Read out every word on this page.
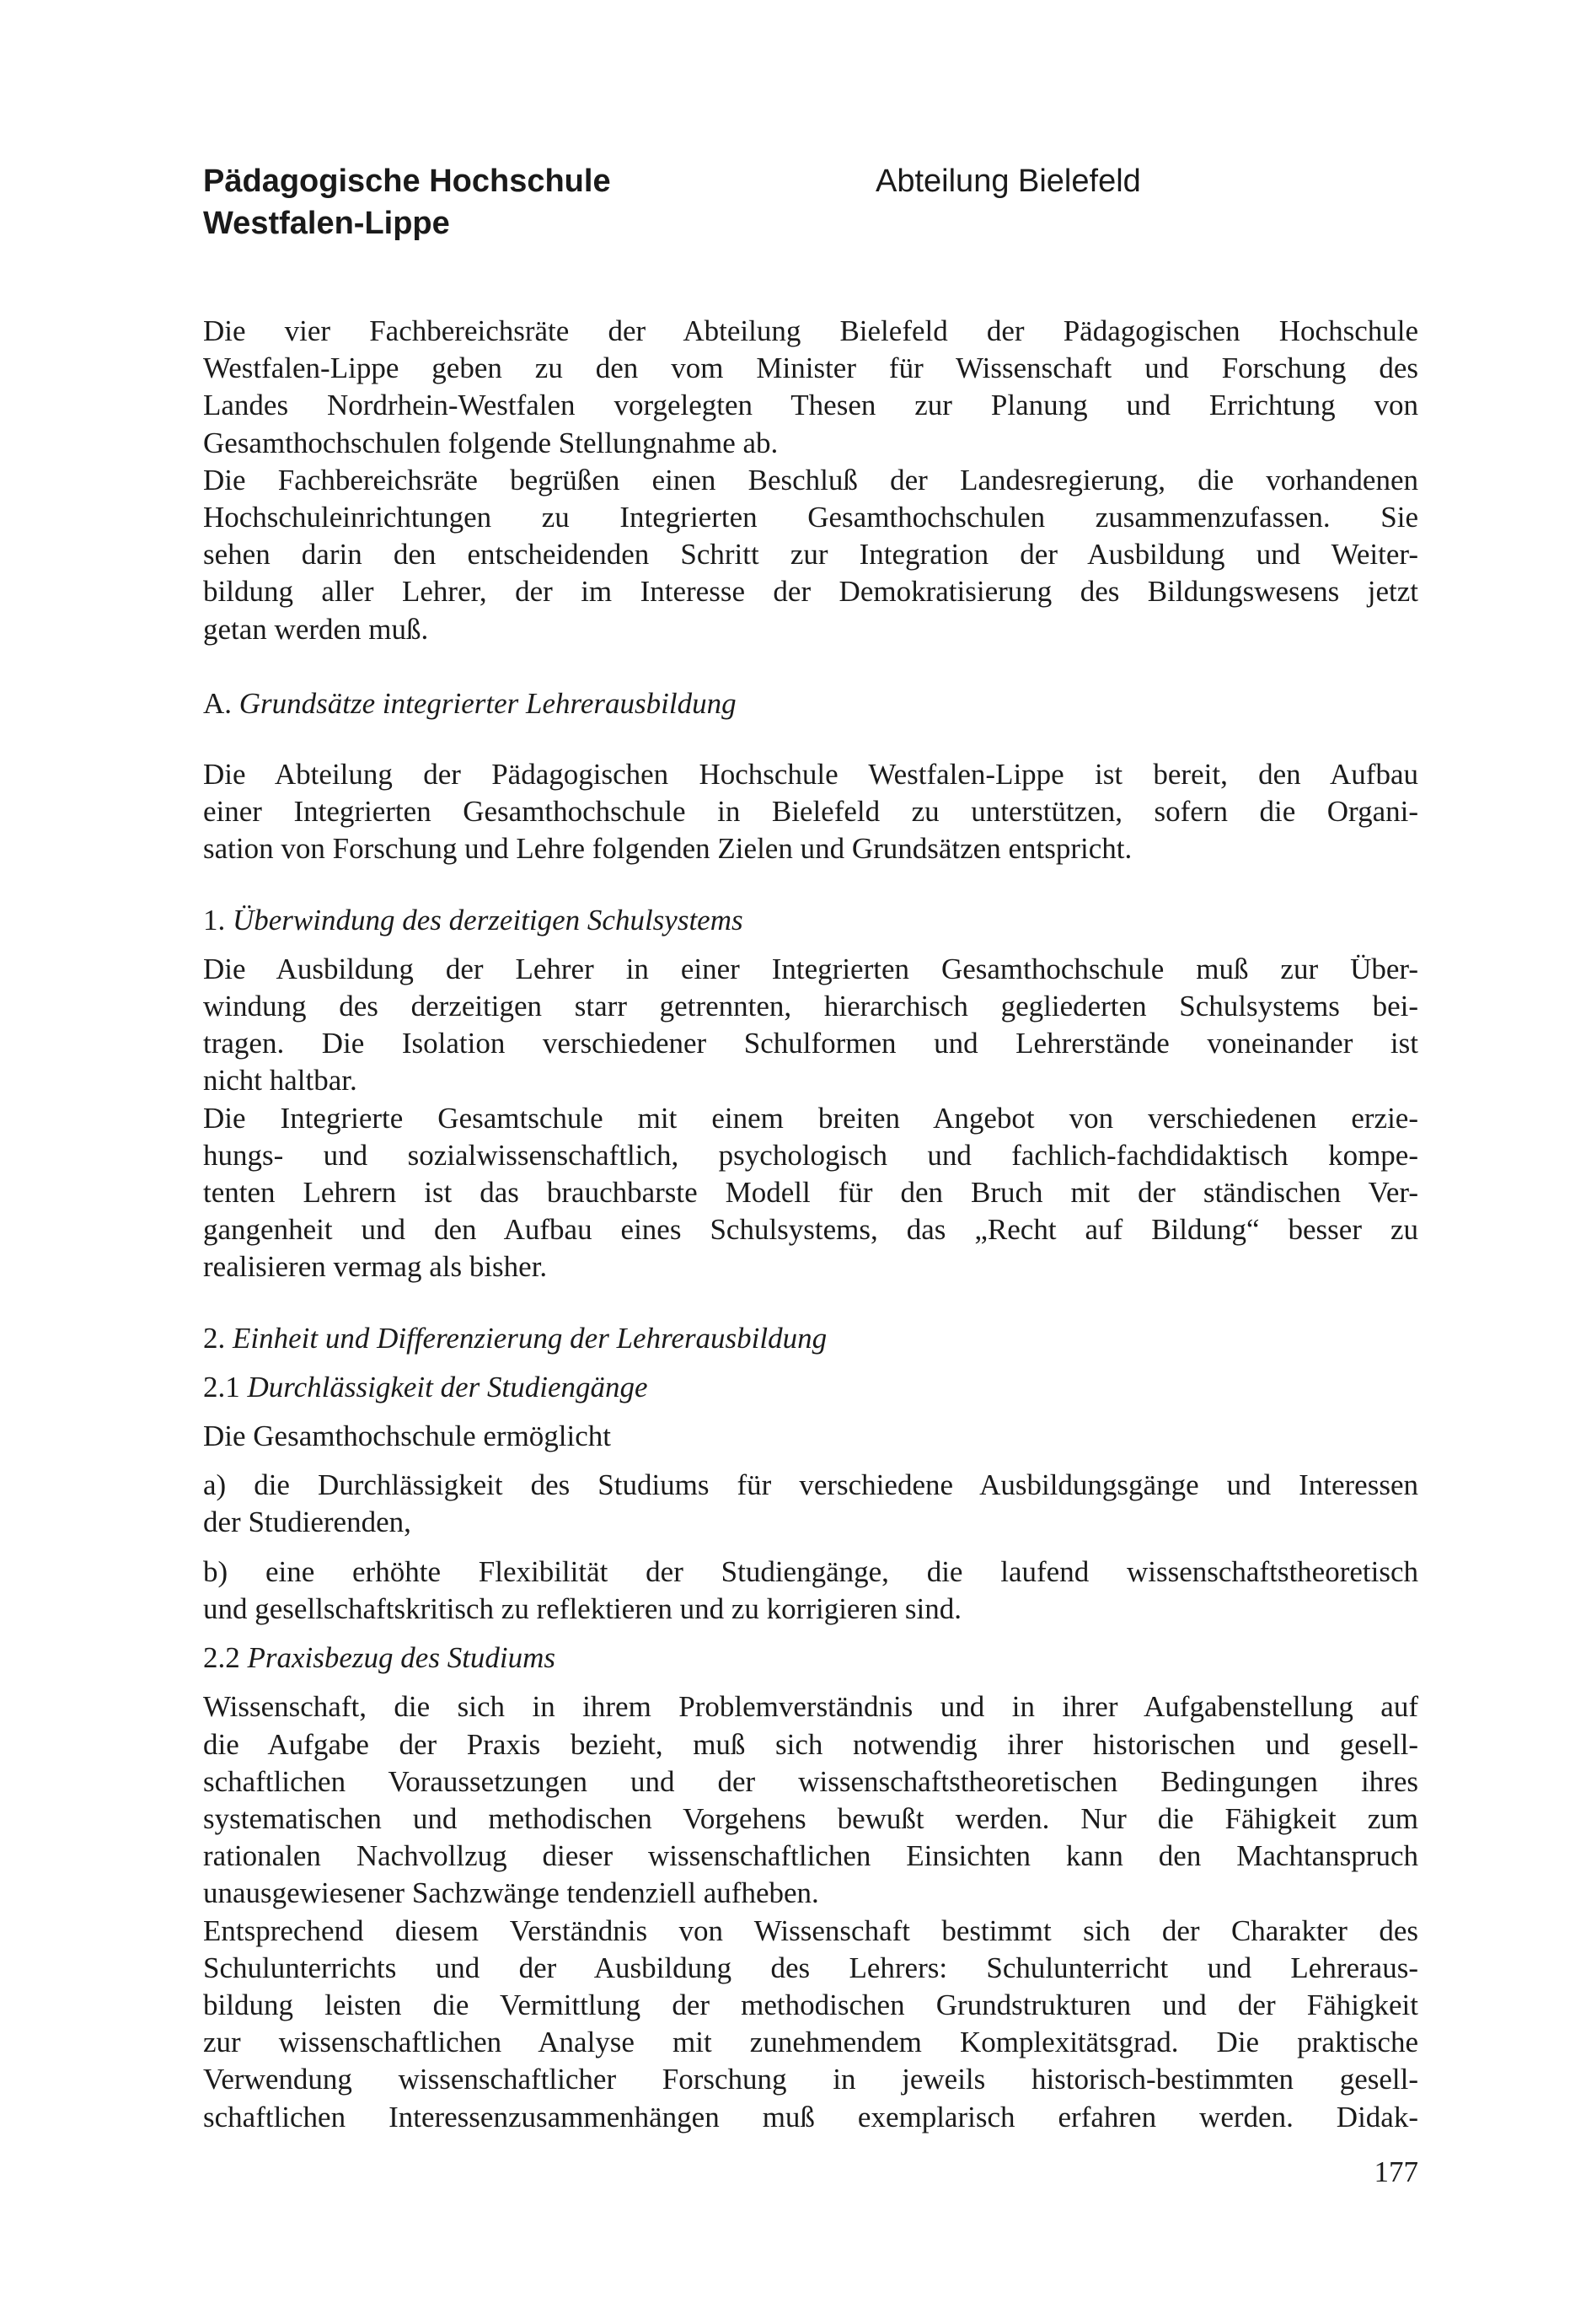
Pädagogische Hochschule
Westfalen-Lippe
Abteilung Bielefeld
Die vier Fachbereichsräte der Abteilung Bielefeld der Pädagogischen Hochschule
Westfalen-Lippe geben zu den vom Minister für Wissenschaft und Forschung des
Landes Nordrhein-Westfalen vorgelegten Thesen zur Planung und Errichtung von
Gesamthochschulen folgende Stellungnahme ab.
Die Fachbereichsräte begrüßen einen Beschluß der Landesregierung, die vorhandenen
Hochschuleinrichtungen zu Integrierten Gesamthochschulen zusammenzufassen. Sie
sehen darin den entscheidenden Schritt zur Integration der Ausbildung und Weiter-
bildung aller Lehrer, der im Interesse der Demokratisierung des Bildungswesens jetzt
getan werden muß.
A. Grundsätze integrierter Lehrerausbildung
Die Abteilung der Pädagogischen Hochschule Westfalen-Lippe ist bereit, den Aufbau
einer Integrierten Gesamthochschule in Bielefeld zu unterstützen, sofern die Organi-
sation von Forschung und Lehre folgenden Zielen und Grundsätzen entspricht.
1. Überwindung des derzeitigen Schulsystems
Die Ausbildung der Lehrer in einer Integrierten Gesamthochschule muß zur Über-
windung des derzeitigen starr getrennten, hierarchisch gegliederten Schulsystems bei-
tragen. Die Isolation verschiedener Schulformen und Lehrerstände voneinander ist
nicht haltbar.
Die Integrierte Gesamtschule mit einem breiten Angebot von verschiedenen erzie-
hungs- und sozialwissenschaftlich, psychologisch und fachlich-fachdidaktisch kompe-
tenten Lehrern ist das brauchbarste Modell für den Bruch mit der ständischen Ver-
gangenheit und den Aufbau eines Schulsystems, das „Recht auf Bildung“ besser zu
realisieren vermag als bisher.
2. Einheit und Differenzierung der Lehrerausbildung
2.1 Durchlässigkeit der Studiengänge
Die Gesamthochschule ermöglicht
a) die Durchlässigkeit des Studiums für verschiedene Ausbildungsgänge und Interessen
der Studierenden,
b) eine erhöhte Flexibilität der Studiengänge, die laufend wissenschaftstheoretisch
und gesellschaftskritisch zu reflektieren und zu korrigieren sind.
2.2 Praxisbezug des Studiums
Wissenschaft, die sich in ihrem Problemverständnis und in ihrer Aufgabenstellung auf
die Aufgabe der Praxis bezieht, muß sich notwendig ihrer historischen und gesell-
schaftlichen Voraussetzungen und der wissenschaftstheoretischen Bedingungen ihres
systematischen und methodischen Vorgehens bewußt werden. Nur die Fähigkeit zum
rationalen Nachvollzug dieser wissenschaftlichen Einsichten kann den Machtanspruch
unausgewiesener Sachzwänge tendenziell aufheben.
Entsprechend diesem Verständnis von Wissenschaft bestimmt sich der Charakter des
Schulunterrichts und der Ausbildung des Lehrers: Schulunterricht und Lehreraus-
bildung leisten die Vermittlung der methodischen Grundstrukturen und der Fähigkeit
zur wissenschaftlichen Analyse mit zunehmendem Komplexitätsgrad. Die praktische
Verwendung wissenschaftlicher Forschung in jeweils historisch-bestimmten gesell-
schaftlichen Interessenzusammenhängen muß exemplarisch erfahren werden. Didak-
177
